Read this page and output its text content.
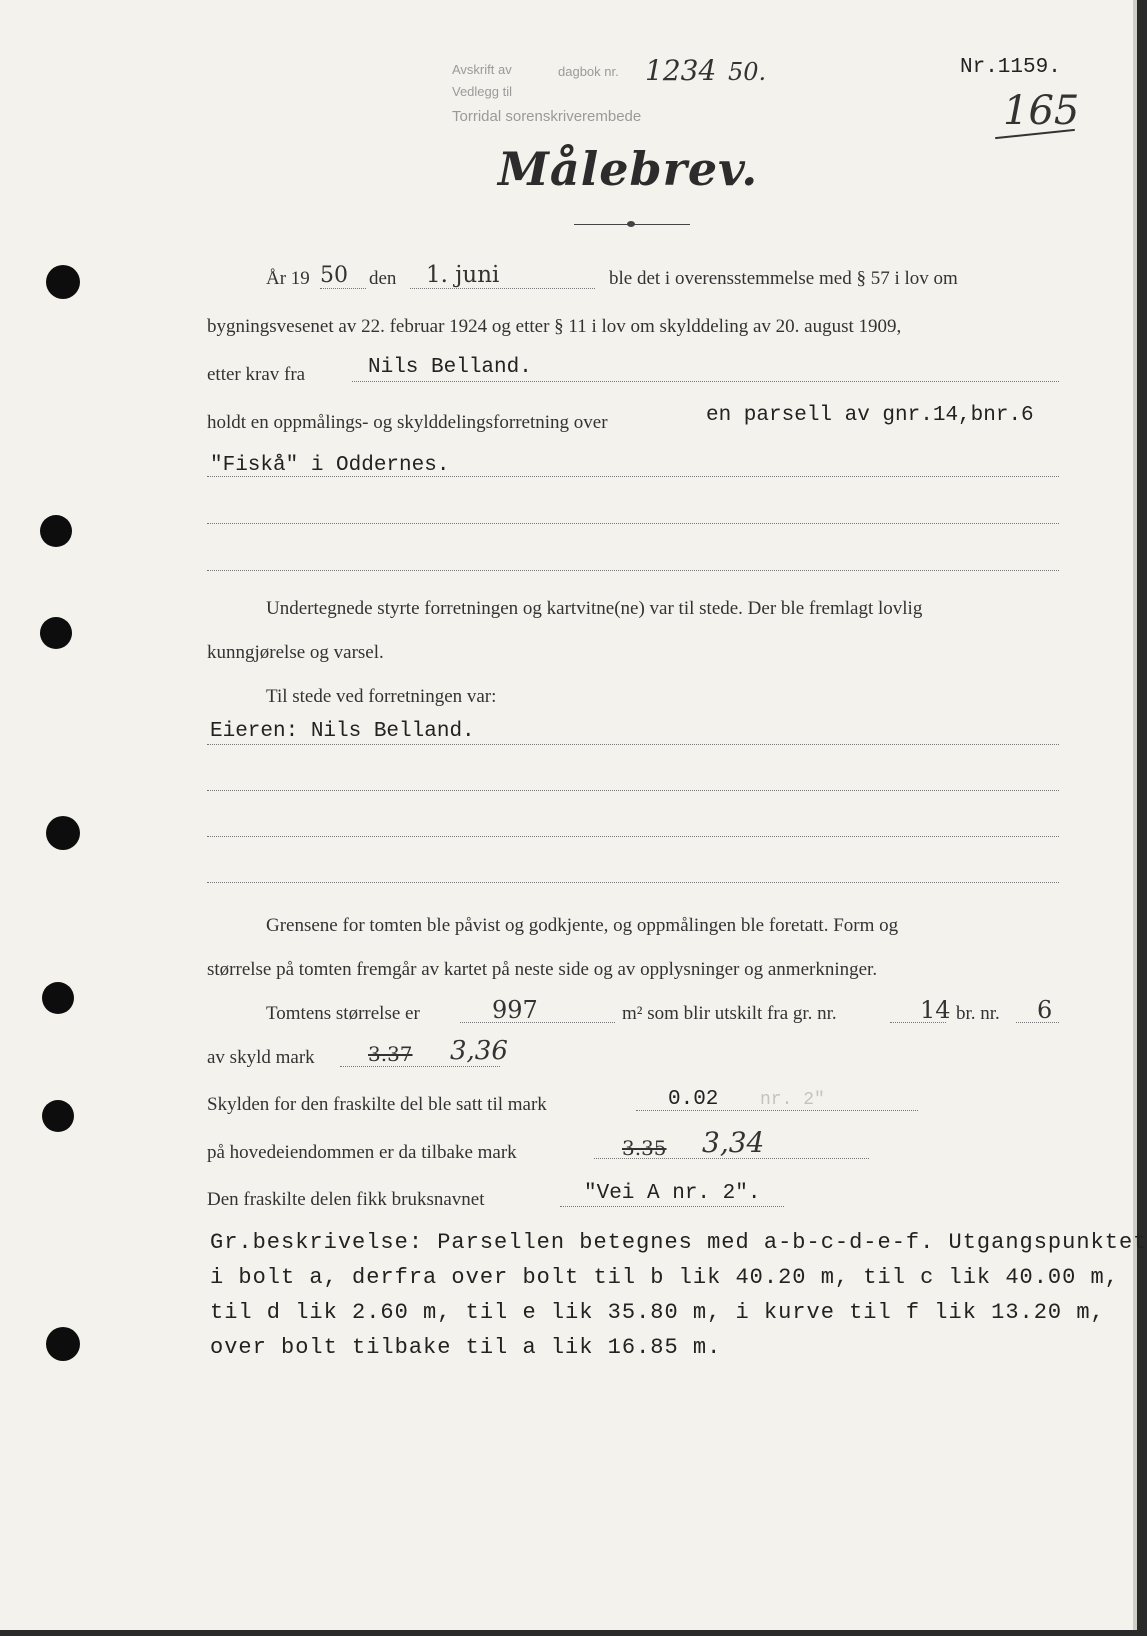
Avskrift av
Vedlegg til
Torridal sorenskriverembede
dagbok nr. 1234 50.	Nr.1159.
165
Målebrev.
År 19 50 den 1. juni	ble det i overensstemmelse med § 57 i lov om
bygningsvesenet av 22. februar 1924 og etter § 11 i lov om skylddeling av 20. august 1909,
etter krav fra	Nils Belland.
holdt en oppmålings- og skylddelingsforretning over	en parsell av gnr.14,bnr.6
"Fiskå" i Oddernes.
Undertegnede styrte forretningen og kartvitne(ne) var til stede. Der ble fremlagt lovlig
kunngjørelse og varsel.
Til stede ved forretningen var:
Eieren: Nils Belland.
Grensene for tomten ble påvist og godkjente, og oppmålingen ble foretatt. Form og
størrelse på tomten fremgår av kartet på neste side og av opplysninger og anmerkninger.
Tomtens størrelse er	997	m² som blir utskilt fra gr. nr.	14 br. nr. 6
av skyld mark	3.37 3,36
Skylden for den fraskilte del ble satt til mark	0.02 nr. 2"
på hovedeiendommen er da tilbake mark	3.35 3,34
Den fraskilte delen fikk bruksnavnet	"Vei A nr. 2".
Gr.beskrivelse: Parsellen betegnes med a-b-c-d-e-f. Utgangspunktet
i bolt a, derfra over bolt til b lik 40.20 m, til c lik 40.00 m,
til d lik 2.60 m, til e lik 35.80 m, i kurve til f lik 13.20 m,
over bolt tilbake til a lik 16.85 m.
